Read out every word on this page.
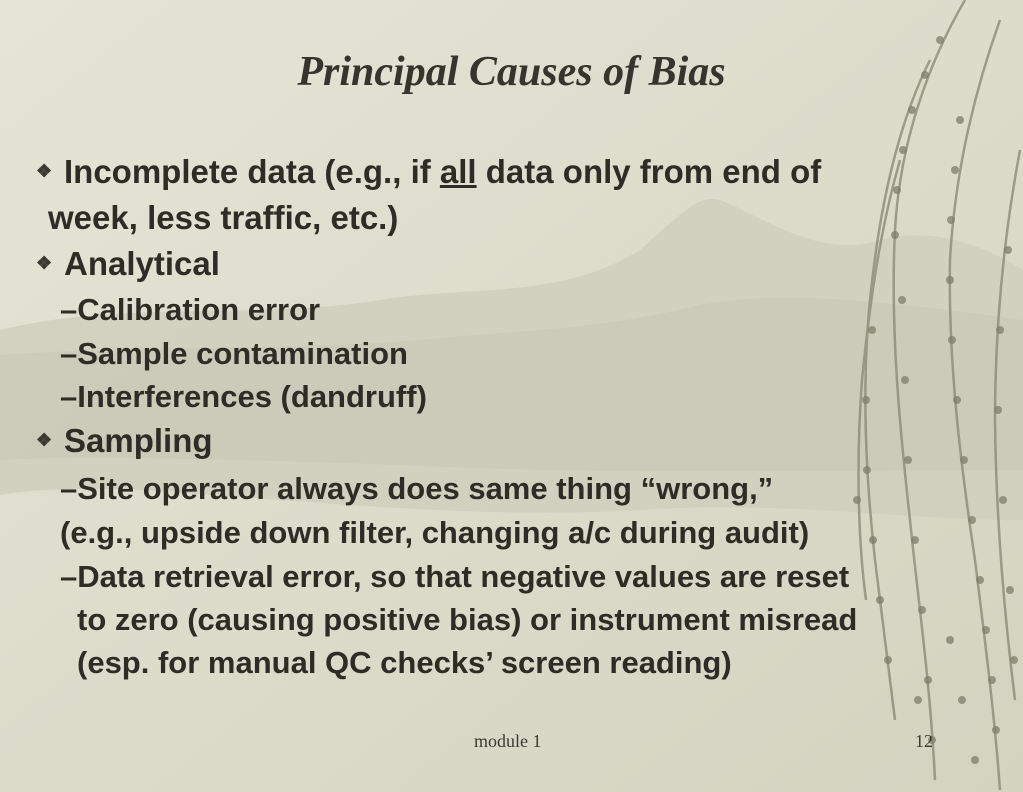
Principal Causes of Bias
❖ Incomplete data (e.g., if all data only from end of
week, less traffic, etc.)
❖ Analytical
–Calibration error
–Sample contamination
–Interferences (dandruff)
❖ Sampling
–Site operator always does same thing “wrong,”
(e.g., upside down filter, changing a/c during audit)
–Data retrieval error, so that negative values are reset
to zero (causing positive bias) or instrument misread
(esp. for manual QC checks’ screen reading)
module 1	12
